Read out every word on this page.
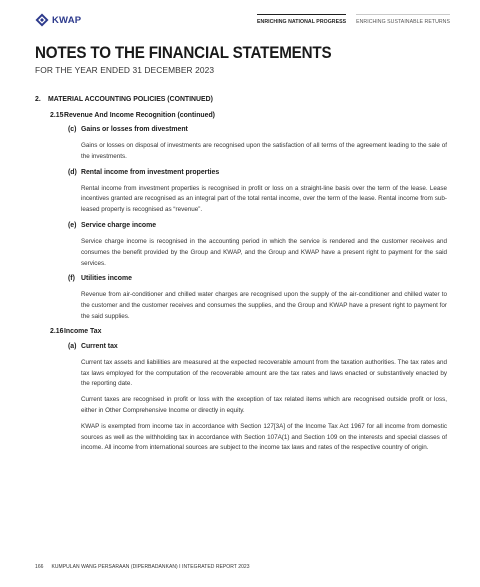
KWAP	ENRICHING NATIONAL PROGRESS ENRICHING SUSTAINABLE RETURNS
NOTES TO THE FINANCIAL STATEMENTS
FOR THE YEAR ENDED 31 DECEMBER 2023
2. MATERIAL ACCOUNTING POLICIES (CONTINUED)
2.15Revenue And Income Recognition (continued)
(c) Gains or losses from divestment

Gains or losses on disposal of investments are recognised upon the satisfaction of all terms of the agreement leading to the sale of the investments.

(d) Rental income from investment properties

Rental income from investment properties is recognised in profit or loss on a straight-line basis over the term of the lease. Lease incentives granted are recognised as an integral part of the total rental income, over the term of the lease. Rental income from sub-leased property is recognised as “revenue”.

(e) Service charge income

Service charge income is recognised in the accounting period in which the service is rendered and the customer receives and consumes the benefit provided by the Group and KWAP, and the Group and KWAP have a present right to payment for the said services.

(f) Utilities income

Revenue from air-conditioner and chilled water charges are recognised upon the supply of the air-conditioner and chilled water to the customer and the customer receives and consumes the supplies, and the Group and KWAP have a present right to payment for the said supplies.

2.16Income Tax
(a) Current tax

Current tax assets and liabilities are measured at the expected recoverable amount from the taxation authorities. The tax rates and tax laws employed for the computation of the recoverable amount are the tax rates and laws enacted or substantively enacted by the reporting date.

Current taxes are recognised in profit or loss with the exception of tax related items which are recognised outside profit or loss, either in Other Comprehensive Income or directly in equity.

KWAP is exempted from income tax in accordance with Section 127[3A] of the Income Tax Act 1967 for all income from domestic sources as well as the withholding tax in accordance with Section 107A(1) and Section 109 on the interests and special classes of income. All income from international sources are subject to the income tax laws and rates of the respective country of origin.

166 KUMPULAN WANG PERSARAAN (DIPERBADANKAN) I INTEGRATED REPORT 2023
